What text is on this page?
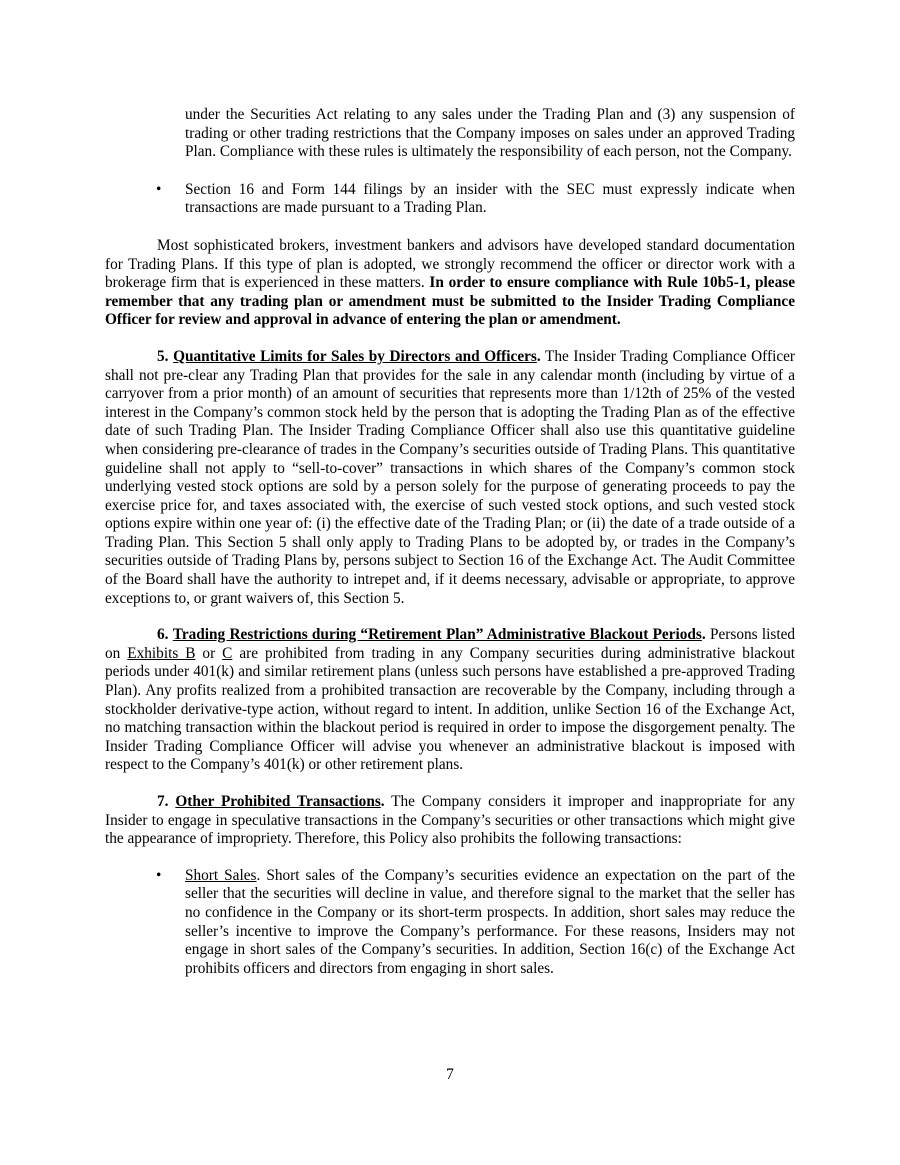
under the Securities Act relating to any sales under the Trading Plan and (3) any suspension of trading or other trading restrictions that the Company imposes on sales under an approved Trading Plan. Compliance with these rules is ultimately the responsibility of each person, not the Company.

• Section 16 and Form 144 filings by an insider with the SEC must expressly indicate when transactions are made pursuant to a Trading Plan.

Most sophisticated brokers, investment bankers and advisors have developed standard documentation for Trading Plans. If this type of plan is adopted, we strongly recommend the officer or director work with a brokerage firm that is experienced in these matters. In order to ensure compliance with Rule 10b5-1, please remember that any trading plan or amendment must be submitted to the Insider Trading Compliance Officer for review and approval in advance of entering the plan or amendment.

5. Quantitative Limits for Sales by Directors and Officers. The Insider Trading Compliance Officer shall not pre-clear any Trading Plan that provides for the sale in any calendar month (including by virtue of a carryover from a prior month) of an amount of securities that represents more than 1/12th of 25% of the vested interest in the Company’s common stock held by the person that is adopting the Trading Plan as of the effective date of such Trading Plan. The Insider Trading Compliance Officer shall also use this quantitative guideline when considering pre-clearance of trades in the Company’s securities outside of Trading Plans. This quantitative guideline shall not apply to “sell-to-cover” transactions in which shares of the Company’s common stock underlying vested stock options are sold by a person solely for the purpose of generating proceeds to pay the exercise price for, and taxes associated with, the exercise of such vested stock options, and such vested stock options expire within one year of: (i) the effective date of the Trading Plan; or (ii) the date of a trade outside of a Trading Plan. This Section 5 shall only apply to Trading Plans to be adopted by, or trades in the Company’s securities outside of Trading Plans by, persons subject to Section 16 of the Exchange Act. The Audit Committee of the Board shall have the authority to intrepet and, if it deems necessary, advisable or appropriate, to approve exceptions to, or grant waivers of, this Section 5.

6. Trading Restrictions during “Retirement Plan” Administrative Blackout Periods. Persons listed on Exhibits B or C are prohibited from trading in any Company securities during administrative blackout periods under 401(k) and similar retirement plans (unless such persons have established a pre-approved Trading Plan). Any profits realized from a prohibited transaction are recoverable by the Company, including through a stockholder derivative-type action, without regard to intent. In addition, unlike Section 16 of the Exchange Act, no matching transaction within the blackout period is required in order to impose the disgorgement penalty. The Insider Trading Compliance Officer will advise you whenever an administrative blackout is imposed with respect to the Company’s 401(k) or other retirement plans.

7. Other Prohibited Transactions. The Company considers it improper and inappropriate for any Insider to engage in speculative transactions in the Company’s securities or other transactions which might give the appearance of impropriety. Therefore, this Policy also prohibits the following transactions:

• Short Sales. Short sales of the Company’s securities evidence an expectation on the part of the seller that the securities will decline in value, and therefore signal to the market that the seller has no confidence in the Company or its short-term prospects. In addition, short sales may reduce the seller’s incentive to improve the Company’s performance. For these reasons, Insiders may not engage in short sales of the Company’s securities. In addition, Section 16(c) of the Exchange Act prohibits officers and directors from engaging in short sales.

7
